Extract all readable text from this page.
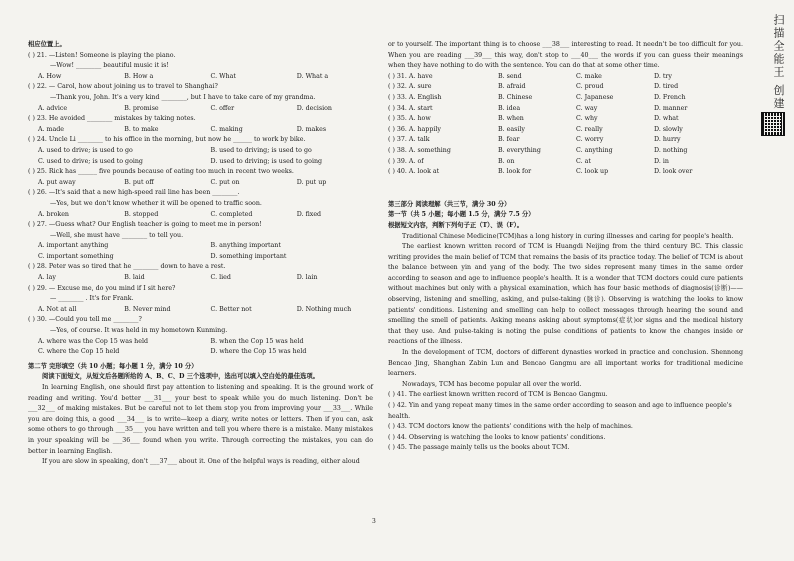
相应位置上。
( ) 21. —Listen! Someone is playing the piano.
—Wow! ________ beautiful music it is!
A. How	B. How a	C. What	D. What a
( ) 22. — Carol, how about joining us to travel to Shanghai?
—Thank you, John. It's a very kind ________, but I have to take care of my grandma.
A. advice	B. promise	C. offer	D. decision
( ) 23. He avoided ________ mistakes by taking notes.
A. made	B. to make	C. making	D. makes
( ) 24. Uncle Li ________ to his office in the morning, but now he ______ to work by bike.
A. used to drive; is used to go	B. used to driving; is used to go
C. used to drive; is used to going	D. used to driving; is used to going
( ) 25. Rick has ______ five pounds because of eating too much in recent two weeks.
A. put away	B. put off	C. put on	D. put up
( ) 26. —It's said that a new high-speed rail line has been ________.
—Yes, but we don't know whether it will be opened to traffic soon.
A. broken	B. stopped	C. completed	D. fixed
( ) 27. —Guess what? Our English teacher is going to meet me in person!
—Well, she must have ________ to tell you.
A. important anything	B. anything important
C. important something	D. something important
( ) 28. Peter was so tired that he ________ down to have a rest.
A. lay	B. laid	C. lied	D. lain
( ) 29. — Excuse me, do you mind if I sit here?
— ________ . It's for Frank.
A. Not at all	B. Never mind	C. Better not	D. Nothing much
( ) 30. —Could you tell me ________?
—Yes, of course. It was held in my hometown Kunming.
A. where was the Cop 15 was held	B. when the Cop 15 was held
C. where the Cop 15 held	D. where the Cop 15 was held
第二节 完形填空（共 10 小题；每小题 1 分，满分 10 分）
阅读下面短文，从短文后各题所给的 A、B、C、D 三个选项中，选出可以填入空白处的最佳选项。
In learning English, one should first pay attention to listening and speaking. It is the ground work of reading and writing. You'd better ___31___ your best to speak while you do much listening. Don't be ___32___ of making mistakes. But be careful not to let them stop you from improving your ___33___. While you are doing this, a good ___34___ is to write—keep a diary, write notes or letters. Then if you can, ask some others to go through ___35___ you have written and tell you where there is a mistake. Many mistakes in your speaking will be ___36___ found when you write. Through correcting the mistakes, you can do better in learning English.
If you are slow in speaking, don't ___37___ about it. One of the helpful ways is reading, either aloud
or to yourself. The important thing is to choose ___38___ interesting to read. It needn't be too difficult for you. When you are reading ___39___ this way, don't stop to ___40___ the words if you can guess their meanings when they have nothing to do with the sentence. You can do that at some other time.
( ) 31. A. have	B. send	C. make	D. try
( ) 32. A. sure	B. afraid	C. proud	D. tired
( ) 33. A. English	B. Chinese	C. Japanese	D. French
( ) 34. A. start	B. idea	C. way	D. manner
( ) 35. A. how	B. when	C. why	D. what
( ) 36. A. happily	B. easily	C. really	D. slowly
( ) 37. A. talk	B. fear	C. worry	D. hurry
( ) 38. A. something	B. everything	C. anything	D. nothing
( ) 39. A. of	B. on	C. at	D. in
( ) 40. A. look at	B. look for	C. look up	D. look over
第三部分 阅读理解（共三节，满分 30 分）
第一节（共 5 小题；每小题 1.5 分，满分 7.5 分）
根据短文内容，判断下列句子正（T）、误（F）。
Traditional Chinese Medicine(TCM)has a long history in curing illnesses and caring for people's health.
The earliest known written record of TCM is Huangdi Neijing from the third century BC. This classic writing provides the main belief of TCM that remains the basis of its practice today. The belief of TCM is about the balance between yin and yang of the body. The two sides represent many times in the same order according to season and age to influence people's health. It is a wonder that TCM doctors could cure patients without machines but only with a physical examination, which has four basic methods of diagnosis(诊断)—— observing, listening and smelling, asking, and pulse-taking (脉诊). Observing is watching the looks to know patients' conditions. Listening and smelling can help to collect messages through hearing the sound and smelling the smell of patients. Asking means asking about symptoms(症状)or signs and the medical history that they use. And pulse-taking is noting the pulse conditions of patients to know the changes inside or reactions of the illness.
In the development of TCM, doctors of different dynasties worked in practice and conclusion. Shennong Bencao Jing, Shanghan Zabin Lun and Bencao Gangmu are all important works for traditional medicine learners.
Nowadays, TCM has become popular all over the world.
( ) 41. The earliest known written record of TCM is Bencao Gangmu.
( ) 42. Yin and yang repeat many times in the same order according to season and age to influence people's health.
( ) 43. TCM doctors know the patients' conditions with the help of machines.
( ) 44. Observing is watching the looks to know patients' conditions.
( ) 45. The passage mainly tells us the books about TCM.
扫描全能王 创建
3
